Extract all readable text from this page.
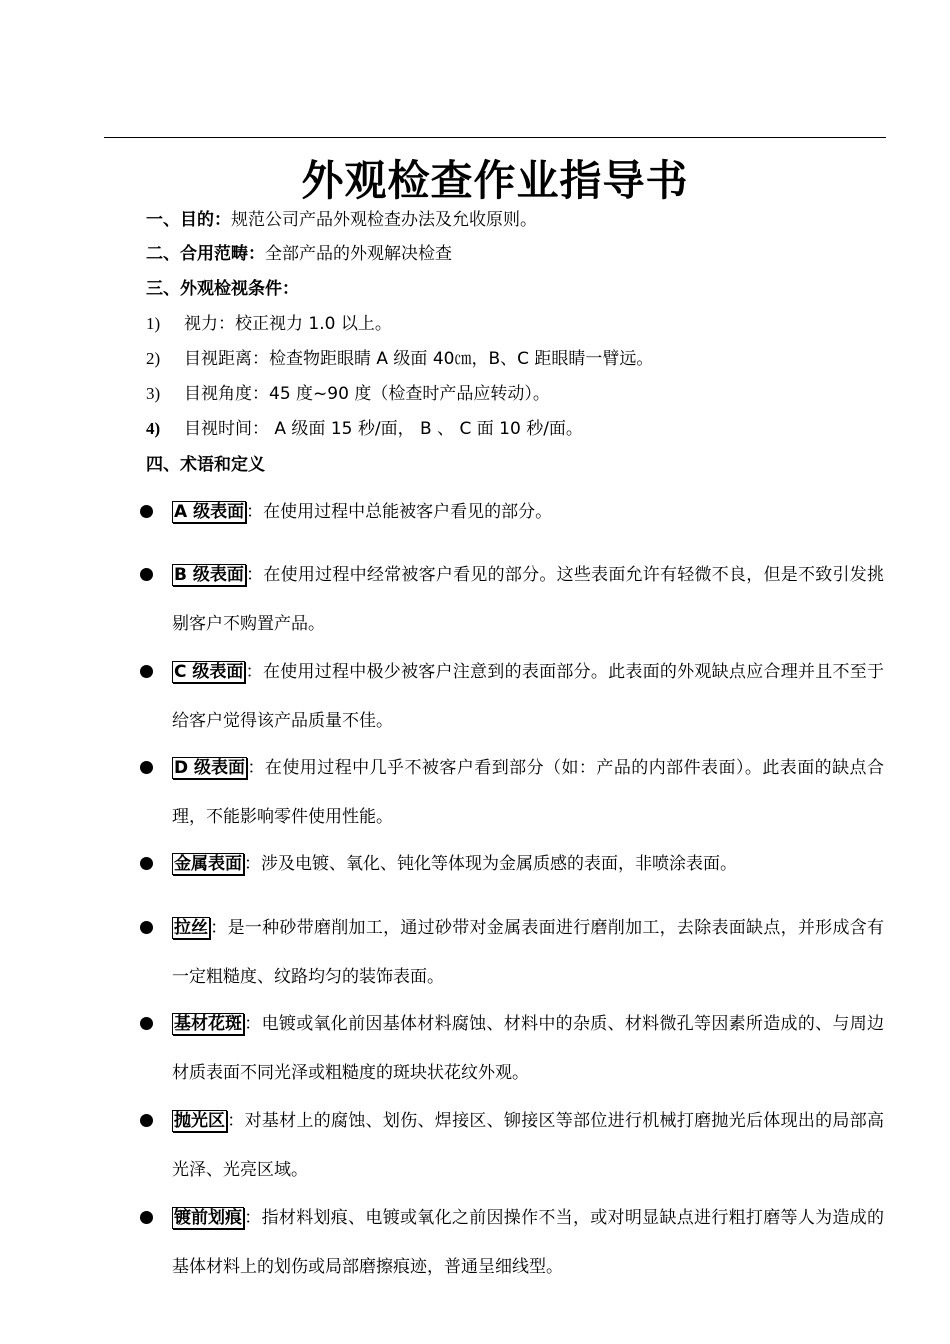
外观检查作业指导书
一、目的：规范公司产品外观检查办法及允收原则。
二、合用范畴：全部产品的外观解决检查
三、外观检视条件：
1) 视力：校正视力 1.0 以上。
2) 目视距离：检查物距眼睛 A 级面 40㎝，B、C 距眼睛一臂远。
3) 目视角度：45 度~90 度（检查时产品应转动）。
4) 目视时间： A 级面 15 秒/面， B 、 C 面 10 秒/面。
四、术语和定义
A 级表面 ：在使用过程中总能被客户看见的部分。
B 级表面 ：在使用过程中经常被客户看见的部分。这些表面允许有轻微不良，但是不致引发挑剔客户不购置产品。
C 级表面 ：在使用过程中极少被客户注意到的表面部分。此表面的外观缺点应合理并且不至于给客户觉得该产品质量不佳。
D 级表面 ：在使用过程中几乎不被客户看到部分（如：产品的内部件表面）。此表面的缺点合理，不能影响零件使用性能。
金属表面 ：涉及电镀、氧化、钝化等体现为金属质感的表面，非喷涂表面。
拉丝 ：是一种砂带磨削加工，通过砂带对金属表面进行磨削加工，去除表面缺点，并形成含有一定粗糙度、纹路均匀的装饰表面。
基材花斑 ：电镀或氧化前因基体材料腐蚀、材料中的杂质、材料微孔等因素所造成的、与周边材质表面不同光泽或粗糙度的斑块状花纹外观。
抛光区 ：对基材上的腐蚀、划伤、焊接区、铆接区等部位进行机械打磨抛光后体现出的局部高光泽、光亮区域。
镀前划痕 ：指材料划痕、电镀或氧化之前因操作不当，或对明显缺点进行粗打磨等人为造成的基体材料上的划伤或局部磨擦痕迹，普通呈细线型。
